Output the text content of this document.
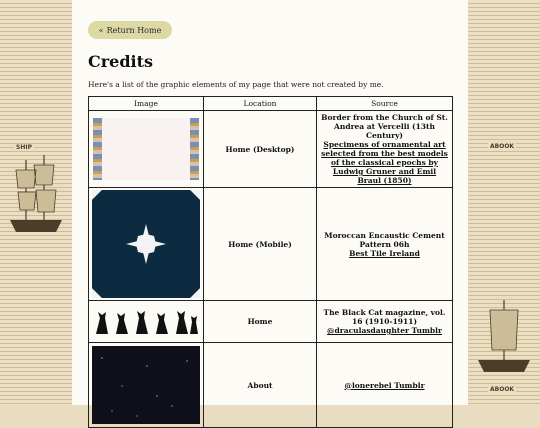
SHIP	ABOOK
ABOOK
« Return Home
Credits

Here's a list of the graphic elements of my page that were not created by me.

Image	Location	Source

	Home (Desktop)	Border from the Church of St. Andrea at Vercelli (13th Century)
Specimens of ornamental art selected from the best models of the classical epochs by Ludwig Gruner and Emil Braul (1850)

	Home (Mobile)	Moroccan Encaustic Cement Pattern 06h
Best Tile Ireland
	Home	The Black Cat magazine, vol. 16 (1910-1911)
@draculasdaughter Tumblr

	About	@lonerebel Tumblr
